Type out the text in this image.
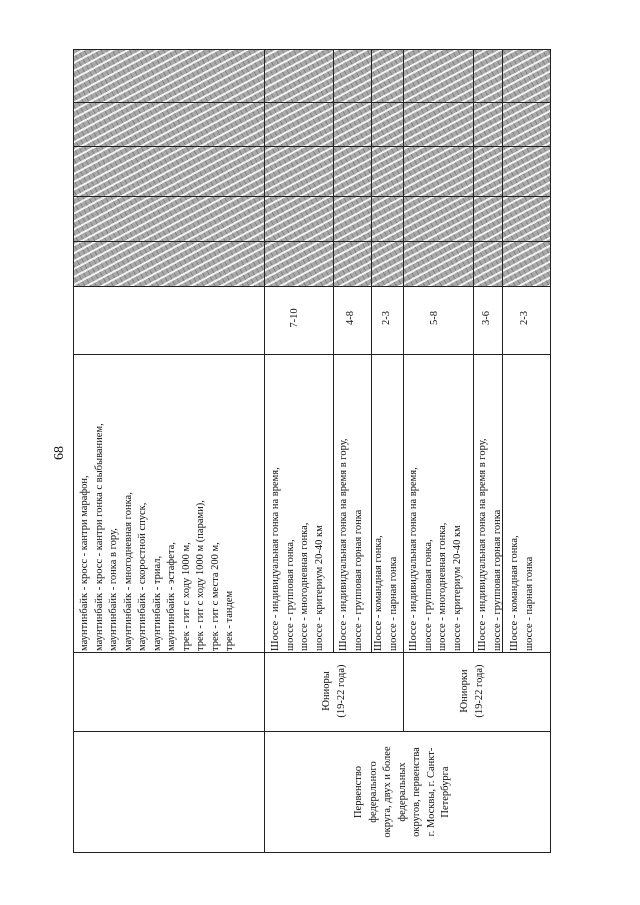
68
маунтинбайк - кросс - кантри марафон, маунтинбайк - кросс - кантри гонка с выбыванием, маунтинбайк - гонка в гору, маунтинбайк - многодневная гонка, маунтинбайк - скоростной спуск, маунтинбайк - триал, маунтинбайк - эстафета, трек - гит с ходу 1000 м, трек - гит с ходу 1000 м (парами), трек - гит с места 200 м, трек - тандем
Первенство федерального округа, двух и более федеральных округов, первенства г. Москвы, г. Санкт- Петербурга
Юниоры (19-22 года)	Юниорки (19-22 года)
Шоссе - индивидуальная гонка на время, шоссе - групповая гонка, шоссе - многодневная гонка, шоссе - критериум 20-40 км
7-10
Шоссе - индивидуальная гонка на время в гору, шоссе - групповая горная гонка
4-8
Шоссе - командная гонка, шоссе - парная гонка
2-3
Шоссе - индивидуальная гонка на время, шоссе - групповая гонка, шоссе - многодневная гонка, шоссе - критериум 20-40 км
5-8
Шоссе - индивидуальная гонка на время в гору, шоссе - групповая горная гонка
3-6
Шоссе - командная гонка, шоссе - парная гонка
2-3
